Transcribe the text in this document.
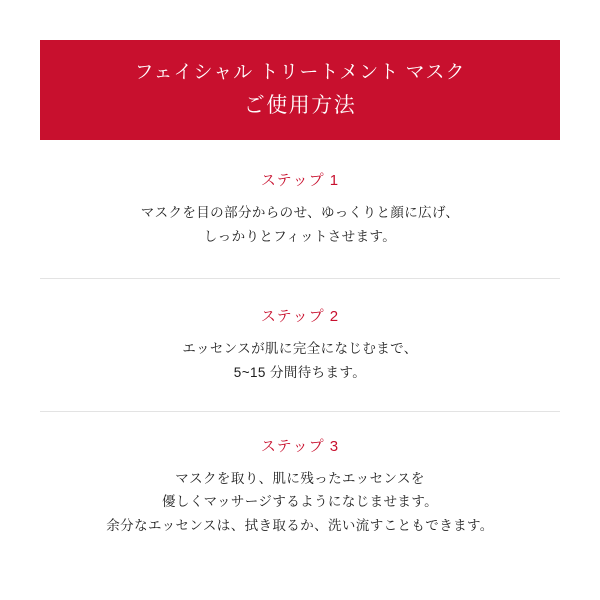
フェイシャル トリートメント マスク
ご使用方法
ステップ 1
マスクを目の部分からのせ、ゆっくりと顔に広げ、
しっかりとフィットさせます。
ステップ 2
エッセンスが肌に完全になじむまで、
5~15 分間待ちます。
ステップ 3
マスクを取り、肌に残ったエッセンスを
優しくマッサージするようになじませます。
余分なエッセンスは、拭き取るか、洗い流すこともできます。
